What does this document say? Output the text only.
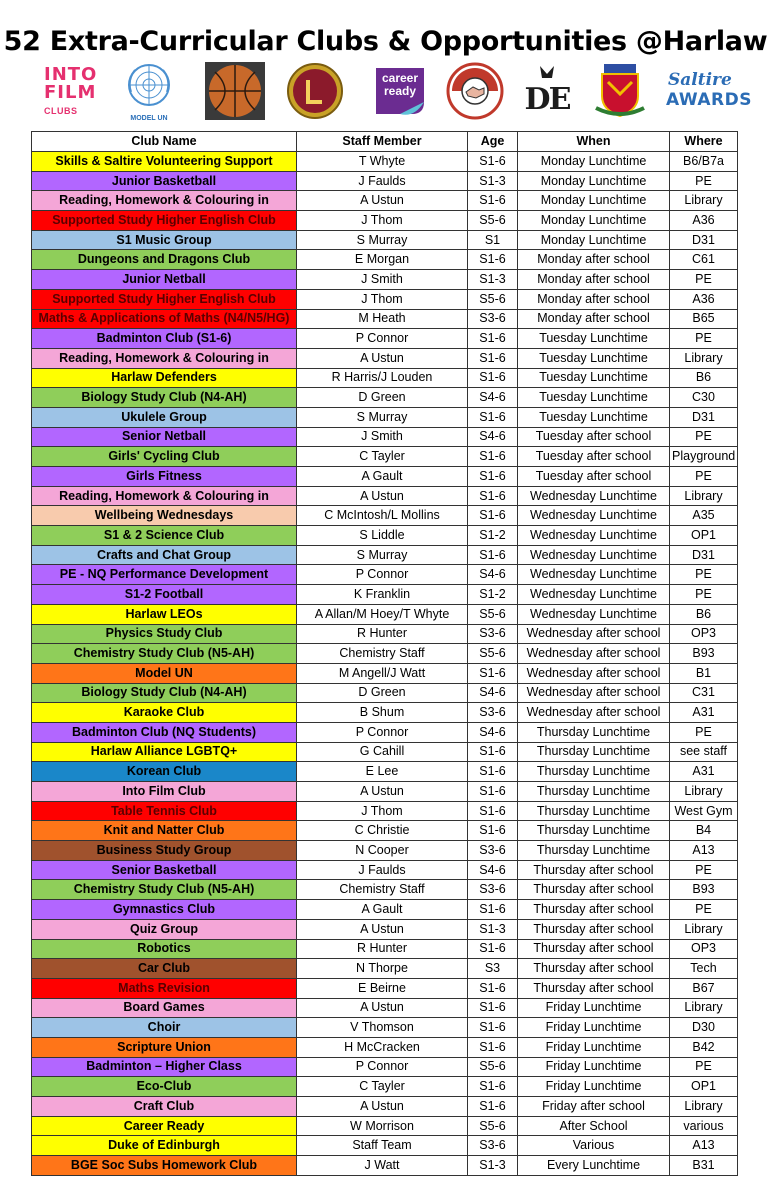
52 Extra-Curricular Clubs & Opportunities @Harlaw
INTO
FILM
CLUBS
MODEL UN
career
ready	DE
Saltire
AWARDS
Club Name	Staff Member	Age	When	Where
Skills & Saltire Volunteering Support	T Whyte	S1-6	Monday Lunchtime	B6/B7a
Junior Basketball	J Faulds	S1-3	Monday Lunchtime	PE
Reading, Homework & Colouring in	A Ustun	S1-6	Monday Lunchtime	Library
Supported Study Higher English Club	J Thom	S5-6	Monday Lunchtime	A36
S1 Music Group	S Murray	S1	Monday Lunchtime	D31
Dungeons and Dragons Club	E Morgan	S1-6	Monday after school	C61
Junior Netball	J Smith	S1-3	Monday after school	PE
Supported Study Higher English Club	J Thom	S5-6	Monday after school	A36
Maths & Applications of Maths (N4/N5/HG)	M Heath	S3-6	Monday after school	B65
Badminton Club (S1-6)	P Connor	S1-6	Tuesday Lunchtime	PE
Reading, Homework & Colouring in	A Ustun	S1-6	Tuesday Lunchtime	Library
Harlaw Defenders	R Harris/J Louden	S1-6	Tuesday Lunchtime	B6
Biology Study Club (N4-AH)	D Green	S4-6	Tuesday Lunchtime	C30
Ukulele Group	S Murray	S1-6	Tuesday Lunchtime	D31
Senior Netball	J Smith	S4-6	Tuesday after school	PE
Girls' Cycling Club	C Tayler	S1-6	Tuesday after school	Playground
Girls Fitness	A Gault	S1-6	Tuesday after school	PE
Reading, Homework & Colouring in	A Ustun	S1-6	Wednesday Lunchtime	Library
Wellbeing Wednesdays	C McIntosh/L Mollins	S1-6	Wednesday Lunchtime	A35
S1 & 2 Science Club	S Liddle	S1-2	Wednesday Lunchtime	OP1
Crafts and Chat Group	S Murray	S1-6	Wednesday Lunchtime	D31
PE - NQ Performance Development	P Connor	S4-6	Wednesday Lunchtime	PE
S1-2 Football	K Franklin	S1-2	Wednesday Lunchtime	PE
Harlaw LEOs	A Allan/M Hoey/T Whyte	S5-6	Wednesday Lunchtime	B6
Physics Study Club	R Hunter	S3-6	Wednesday after school	OP3
Chemistry Study Club (N5-AH)	Chemistry Staff	S5-6	Wednesday after school	B93
Model UN	M Angell/J Watt	S1-6	Wednesday after school	B1
Biology Study Club (N4-AH)	D Green	S4-6	Wednesday after school	C31
Karaoke Club	B Shum	S3-6	Wednesday after school	A31
Badminton Club (NQ Students)	P Connor	S4-6	Thursday Lunchtime	PE
Harlaw Alliance LGBTQ+	G Cahill	S1-6	Thursday Lunchtime	see staff
Korean Club	E Lee	S1-6	Thursday Lunchtime	A31
Into Film Club	A Ustun	S1-6	Thursday Lunchtime	Library
Table Tennis Club	J Thom	S1-6	Thursday Lunchtime	West Gym
Knit and Natter Club	C Christie	S1-6	Thursday Lunchtime	B4
Business Study Group	N Cooper	S3-6	Thursday Lunchtime	A13
Senior Basketball	J Faulds	S4-6	Thursday after school	PE
Chemistry Study Club (N5-AH)	Chemistry Staff	S3-6	Thursday after school	B93
Gymnastics Club	A Gault	S1-6	Thursday after school	PE
Quiz Group	A Ustun	S1-3	Thursday after school	Library
Robotics	R Hunter	S1-6	Thursday after school	OP3
Car Club	N Thorpe	S3	Thursday after school	Tech
Maths Revision	E Beirne	S1-6	Thursday after school	B67
Board Games	A Ustun	S1-6	Friday Lunchtime	Library
Choir	V Thomson	S1-6	Friday Lunchtime	D30
Scripture Union	H McCracken	S1-6	Friday Lunchtime	B42
Badminton – Higher Class	P Connor	S5-6	Friday Lunchtime	PE
Eco-Club	C Tayler	S1-6	Friday Lunchtime	OP1
Craft Club	A Ustun	S1-6	Friday after school	Library
Career Ready	W Morrison	S5-6	After School	various
Duke of Edinburgh	Staff Team	S3-6	Various	A13
BGE Soc Subs Homework Club	J Watt	S1-3	Every Lunchtime	B31
